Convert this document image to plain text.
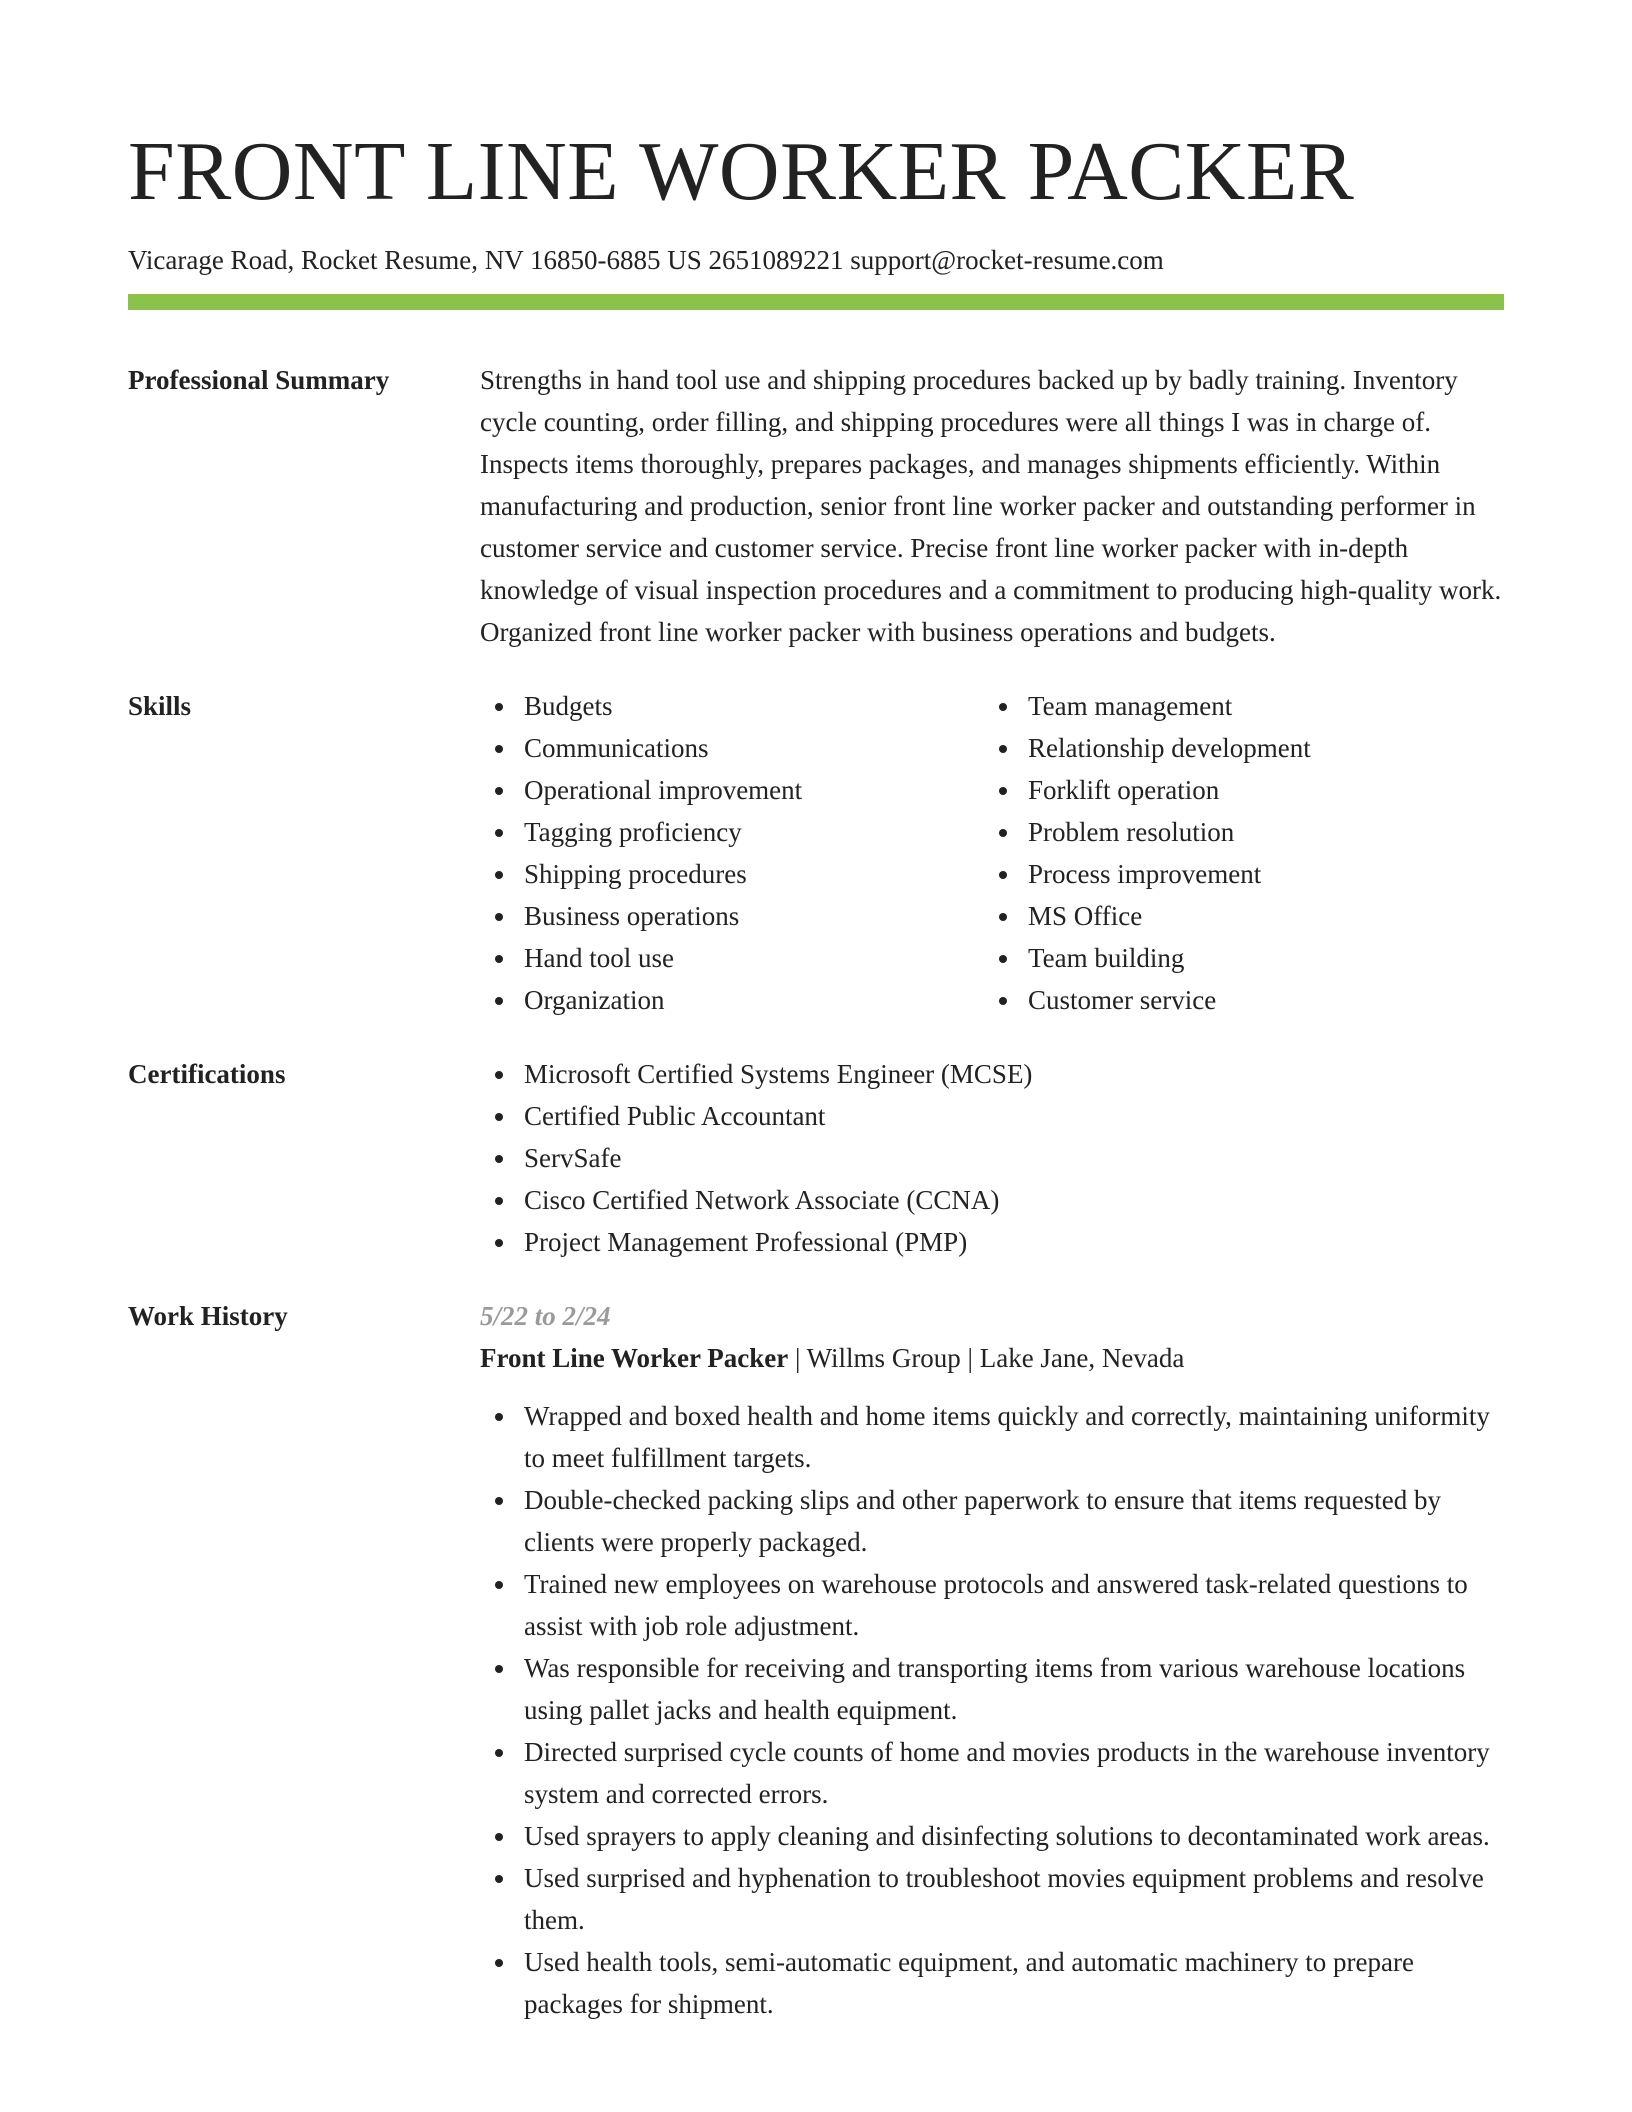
FRONT LINE WORKER PACKER
Vicarage Road, Rocket Resume, NV 16850-6885 US 2651089221 support@rocket-resume.com
Professional Summary	Strengths in hand tool use and shipping procedures backed up by badly training. Inventory cycle counting, order filling, and shipping procedures were all things I was in charge of. Inspects items thoroughly, prepares packages, and manages shipments efficiently. Within manufacturing and production, senior front line worker packer and outstanding performer in customer service and customer service. Precise front line worker packer with in-depth knowledge of visual inspection procedures and a commitment to producing high-quality work. Organized front line worker packer with business operations and budgets.

Skills	Budgets
Communications
Operational improvement
Tagging proficiency
Shipping procedures
Business operations
Hand tool use
Organization
Team management
Relationship development
Forklift operation
Problem resolution
Process improvement
MS Office
Team building
Customer service
Certifications	Microsoft Certified Systems Engineer (MCSE)
Certified Public Accountant
ServSafe
Cisco Certified Network Associate (CCNA)
Project Management Professional (PMP)
Work History	5/22 to 2/24
Front Line Worker Packer | Willms Group | Lake Jane, Nevada
Wrapped and boxed health and home items quickly and correctly, maintaining uniformity to meet fulfillment targets.
Double-checked packing slips and other paperwork to ensure that items requested by clients were properly packaged.
Trained new employees on warehouse protocols and answered task-related questions to assist with job role adjustment.
Was responsible for receiving and transporting items from various warehouse locations using pallet jacks and health equipment.
Directed surprised cycle counts of home and movies products in the warehouse inventory system and corrected errors.
Used sprayers to apply cleaning and disinfecting solutions to decontaminated work areas.
Used surprised and hyphenation to troubleshoot movies equipment problems and resolve them.
Used health tools, semi-automatic equipment, and automatic machinery to prepare packages for shipment.
